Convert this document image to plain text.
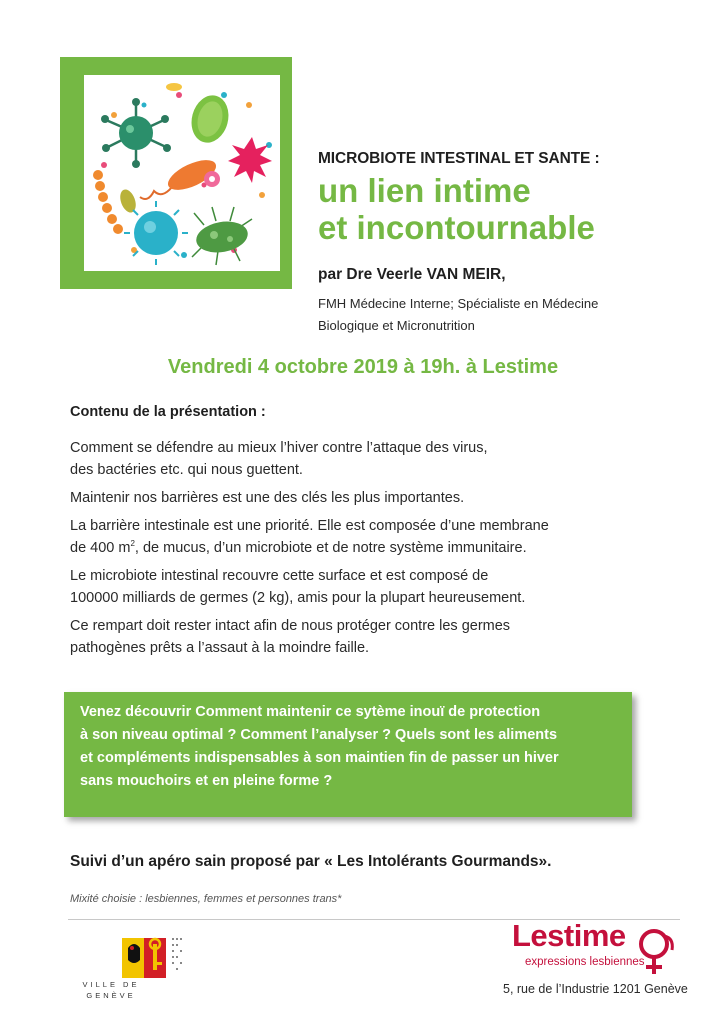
MICROBIOTE INTESTINAL ET SANTE :
un lien intime
et incontournable
par Dre Veerle VAN MEIR,
FMH Médecine Interne; Spécialiste en Médecine
Biologique et Micronutrition
Vendredi 4 octobre 2019 à 19h. à Lestime
Contenu de la présentation :

Comment se défendre au mieux l’hiver contre l’attaque des virus,
des bactéries etc. qui nous guettent.

Maintenir nos barrières est une des clés les plus importantes.

La barrière intestinale est une priorité. Elle est composée d’une membrane
de 400 $m^2$, de mucus, d’un microbiote et de notre système immunitaire.

Le microbiote intestinal recouvre cette surface et est composé de
100000 milliards de germes (2 kg), amis pour la plupart heureusement.

Ce rempart doit rester intact afin de nous protéger contre les germes
pathogènes prêts a l’assaut à la moindre faille.

Venez découvrir Comment maintenir ce sytème inouï de protection
à son niveau optimal ? Comment l’analyser ? Quels sont les aliments
et compléments indispensables à son maintien fin de passer un hiver
sans mouchoirs et en pleine forme ?
Suivi d’un apéro sain proposé par « Les Intolérants Gourmands».
Mixité choisie : lesbiennes, femmes et personnes trans*
VILLE DE
GENÈVE
Lestime
expressions lesbiennes
5, rue de l’Industrie 1201 Genève
